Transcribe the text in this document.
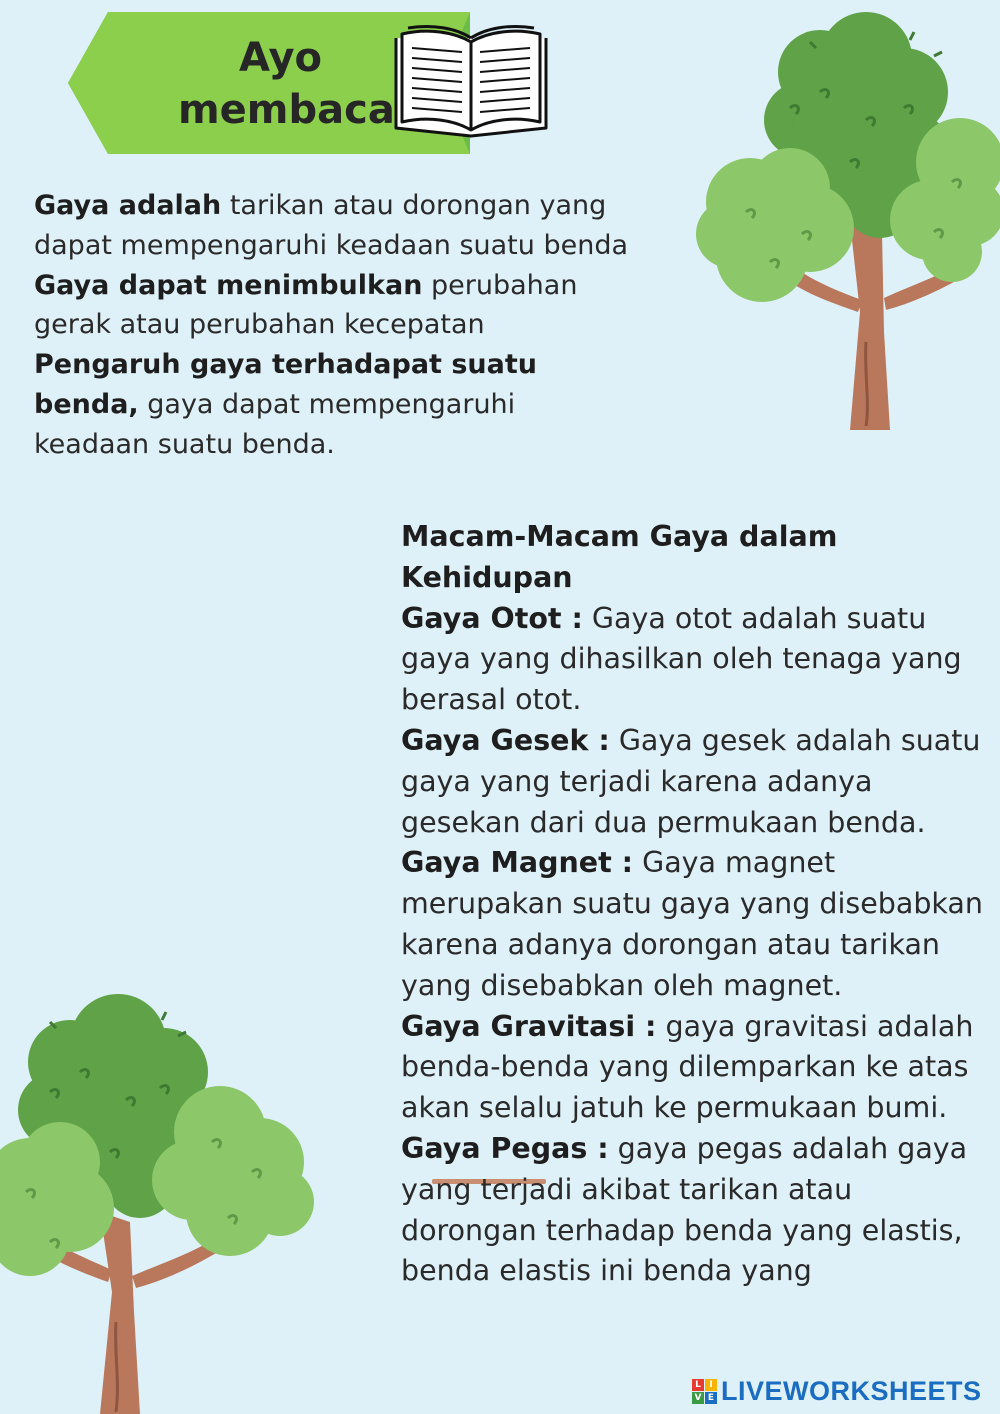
Ayo
membaca

Gaya adalah tarikan atau dorongan yang dapat mempengaruhi keadaan suatu benda

Gaya dapat menimbulkan perubahan gerak atau perubahan kecepatan

Pengaruh gaya terhadapat suatu benda, gaya dapat mempengaruhi keadaan suatu benda.

Macam-Macam Gaya dalam Kehidupan

Gaya Otot : Gaya otot adalah suatu gaya yang dihasilkan oleh tenaga yang berasal otot.

Gaya Gesek : Gaya gesek adalah suatu gaya yang terjadi karena adanya gesekan dari dua permukaan benda.

Gaya Magnet : Gaya magnet merupakan suatu gaya yang disebabkan karena adanya dorongan atau tarikan yang disebabkan oleh magnet.

Gaya Gravitasi : gaya gravitasi adalah benda-benda yang dilemparkan ke atas akan selalu jatuh ke permukaan bumi.

Gaya Pegas : gaya pegas adalah gaya yang terjadi akibat tarikan atau dorongan terhadap benda yang elastis, benda elastis ini benda yang

L I
V E LIVEWORKSHEETS
